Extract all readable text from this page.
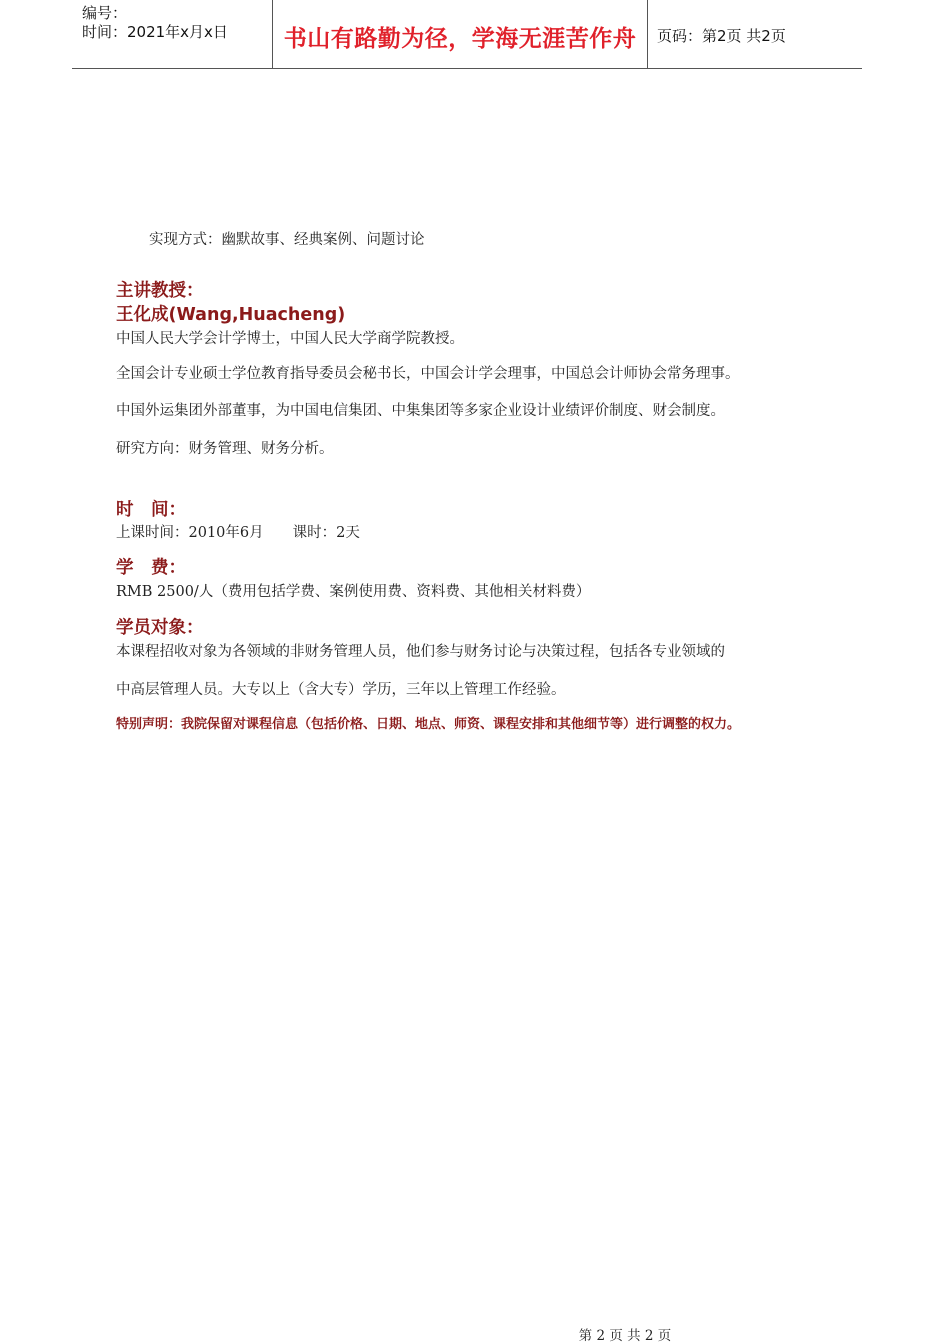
编号：
时间：2021年x月x日	书山有路勤为径，学海无涯苦作舟	页码：第2页 共2页
实现方式：幽默故事、经典案例、问题讨论
主讲教授：
王化成(Wang,Huacheng)
中国人民大学会计学博士，中国人民大学商学院教授。
全国会计专业硕士学位教育指导委员会秘书长，中国会计学会理事，中国总会计师协会常务理事。
中国外运集团外部董事，为中国电信集团、中集集团等多家企业设计业绩评价制度、财会制度。
研究方向：财务管理、财务分析。
时　间：
上课时间：2010年6月　　课时：2天
学　费：
RMB 2500/人（费用包括学费、案例使用费、资料费、其他相关材料费）
学员对象：
本课程招收对象为各领域的非财务管理人员，他们参与财务讨论与决策过程，包括各专业领域的
中高层管理人员。大专以上（含大专）学历，三年以上管理工作经验。
特别声明：我院保留对课程信息（包括价格、日期、地点、师资、课程安排和其他细节等）进行调整的权力。
第 2 页 共 2 页
